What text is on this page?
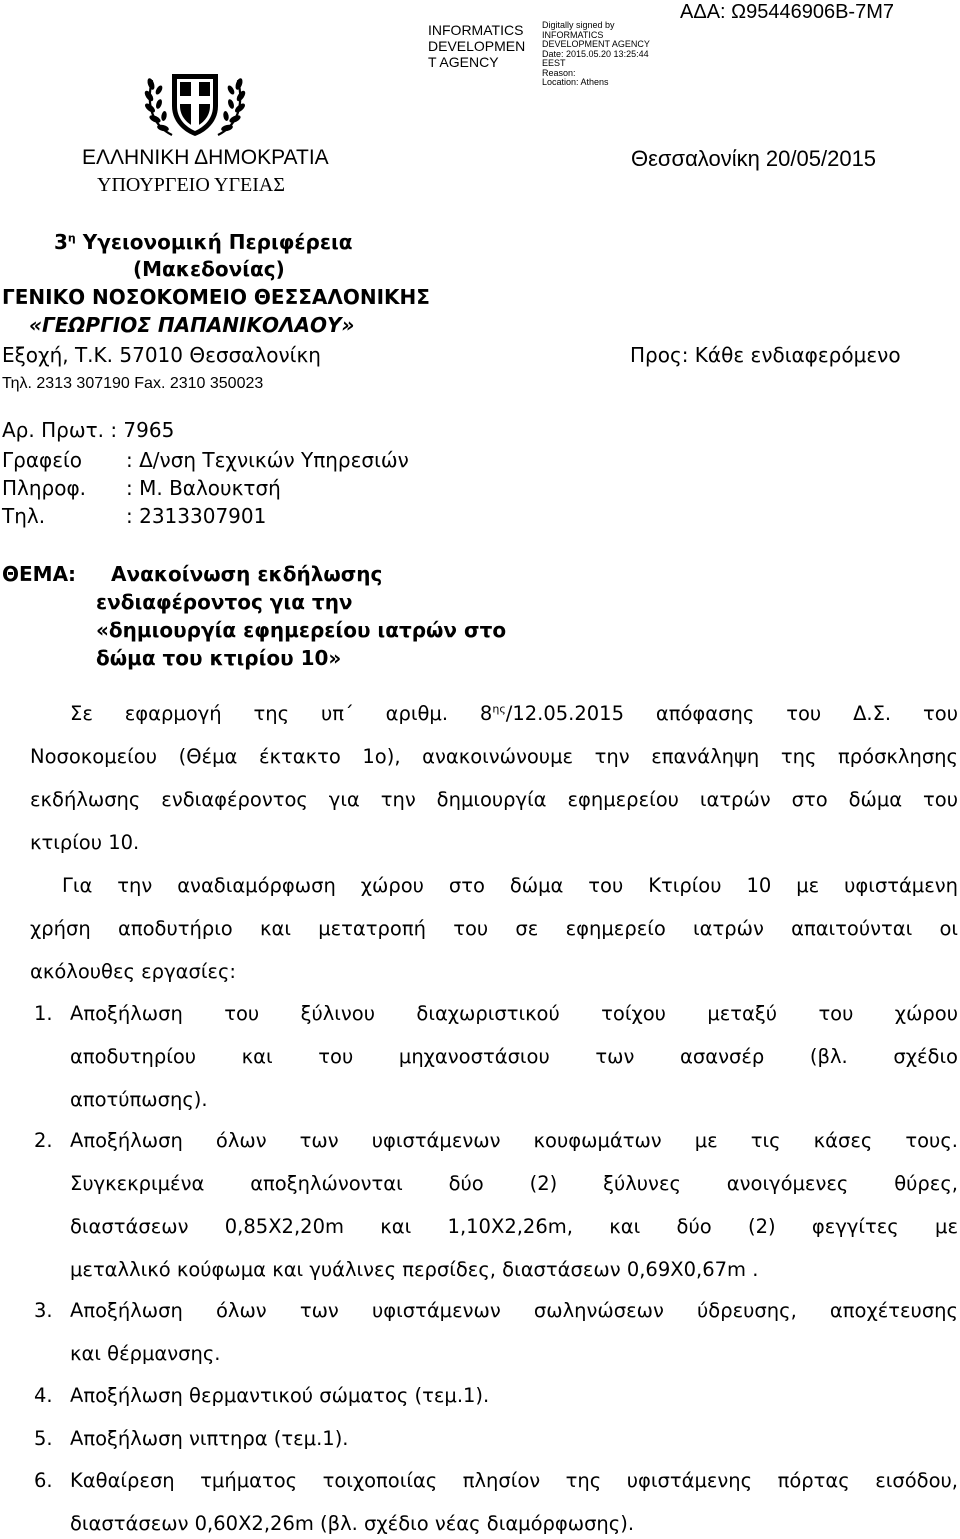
INFORMATICS
DEVELOPMEN
T AGENCY
Digitally signed by
INFORMATICS
DEVELOPMENT AGENCY
Date: 2015.05.20 13:25:44
EEST
Reason:
Location: Athens
ΑΔΑ: Ω95446906Β-7Μ7
ΕΛΛΗΝΙΚΗ ΔΗΜΟΚΡΑΤΙΑ
ΥΠΟΥΡΓΕΙΟ ΥΓΕΙΑΣ
Θεσσαλονίκη 20/05/2015
$3^\eta$ Υγειονομική Περιφέρεια
(Μακεδονίας)
ΓΕΝΙΚΟ ΝΟΣΟΚΟΜΕΙΟ ΘΕΣΣΑΛΟΝΙΚΗΣ
«ΓΕΩΡΓΙΟΣ ΠΑΠΑΝΙΚΟΛΑΟΥ»
Εξοχή, Τ.Κ. 57010 Θεσσαλονίκη
Τηλ. 2313 307190 Fax. 2310 350023
Προς: Κάθε ενδιαφερόμενο
Αρ. Πρωτ. : 7965
Γραφείο : Δ/νση Τεχνικών Υπηρεσιών
Πληροφ. : Μ. Βαλουκτσή
Τηλ.	: 2313307901
ΘΕΜΑ: Ανακοίνωση εκδήλωσης
ενδιαφέροντος για την
«δημιουργία εφημερείου ιατρών στο
δώμα του κτιρίου 10»
Σε εφαρμογή της υπ΄ αριθμ. $8^{\eta\varsigma}/12.05.2015$ απόφασης του Δ.Σ. του
Νοσοκομείου (Θέμα έκτακτο 1ο), ανακοινώνουμε την επανάληψη της πρόσκλησης
εκδήλωσης ενδιαφέροντος για την δημιουργία εφημερείου ιατρών στο δώμα του
κτιρίου 10.
Για την αναδιαμόρφωση χώρου στο δώμα του Κτιρίου 10 με υφιστάμενη
χρήση αποδυτήριο και μετατροπή του σε εφημερείο ιατρών απαιτούνται οι
ακόλουθες εργασίες:
1. Αποξήλωση του ξύλινου διαχωριστικού τοίχου μεταξύ του χώρου
αποδυτηρίου και του μηχανοστάσιου των ασανσέρ (βλ. σχέδιο
αποτύπωσης).
2. Αποξήλωση όλων των υφιστάμενων κουφωμάτων με τις κάσες τους.
Συγκεκριμένα αποξηλώνονται δύο (2) ξύλυνες ανοιγόμενες θύρες,
διαστάσεων 0,85Χ2,20m και 1,10Χ2,26m, και δύο (2) φεγγίτες με
μεταλλικό κούφωμα και γυάλινες περσίδες, διαστάσεων 0,69Χ0,67m .
3. Αποξήλωση όλων των υφιστάμενων σωληνώσεων ύδρευσης, αποχέτευσης
και θέρμανσης.
4. Αποξήλωση θερμαντικού σώματος (τεμ.1).
5. Αποξήλωση νιπτηρα (τεμ.1).
6. Καθαίρεση τμήματος τοιχοποιίας πλησίον της υφιστάμενης πόρτας εισόδου,
διαστάσεων 0,60Χ2,26m (βλ. σχέδιο νέας διαμόρφωσης).
